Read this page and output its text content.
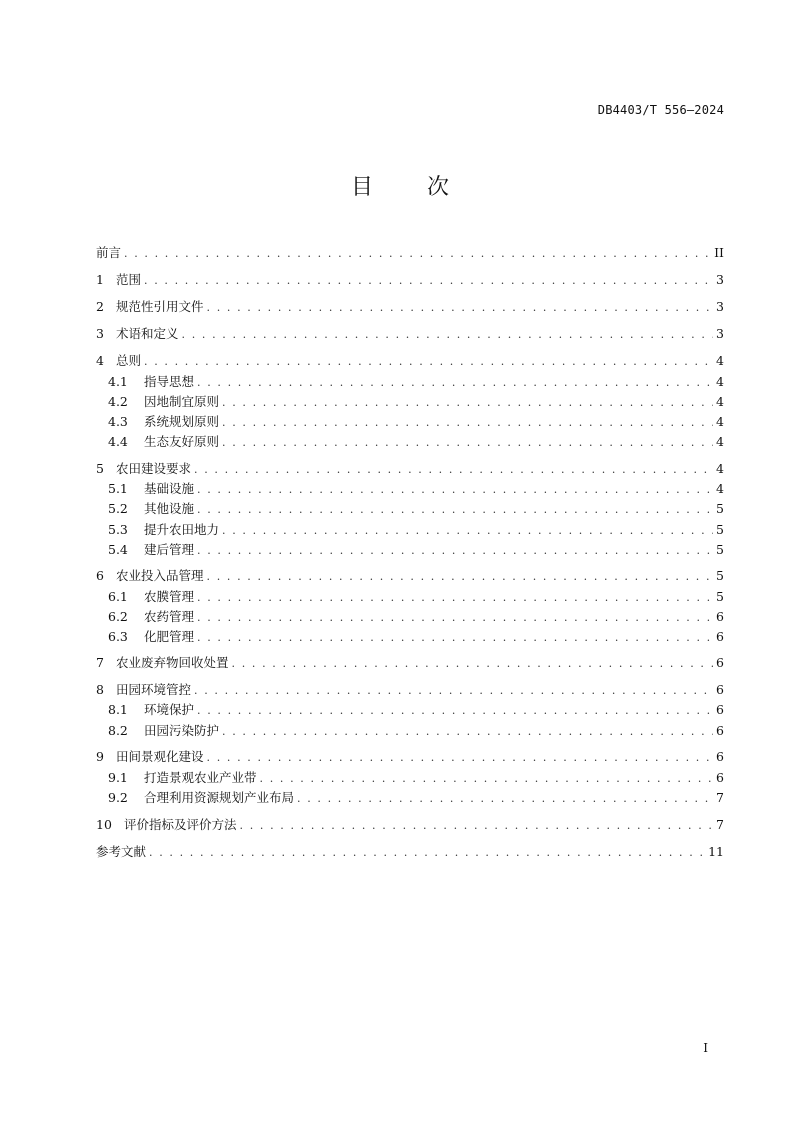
DB4403/T 556—2024
目 次
前言 . . .	II
1 范围 . . .	3
2 规范性引用文件 . . .	3
3 术语和定义 . . .	3
4 总则 . . .	4
4.1	指导思想 . . .	4
4.2	因地制宜原则 . . .	4
4.3	系统规划原则 . . .	4
4.4	生态友好原则 . . .	4
5 农田建设要求 . . .	4
5.1	基础设施 . . .	4
5.2	其他设施 . . .	5
5.3	提升农田地力 . . .	5
5.4	建后管理 . . .	5
6 农业投入品管理 . . .	5
6.1	农膜管理 . . .	5
6.2	农药管理 . . .	6
6.3	化肥管理 . . .	6
7 农业废弃物回收处置 . . .	6
8 田园环境管控 . . .	6
8.1	环境保护 . . .	6
8.2	田园污染防护 . . .	6
9 田间景观化建设 . . .	6
9.1	打造景观农业产业带 . . .	6
9.2	合理利用资源规划产业布局 . . .	7
10 评价指标及评价方法 . . .	7
参考文献 . . .	11
I
